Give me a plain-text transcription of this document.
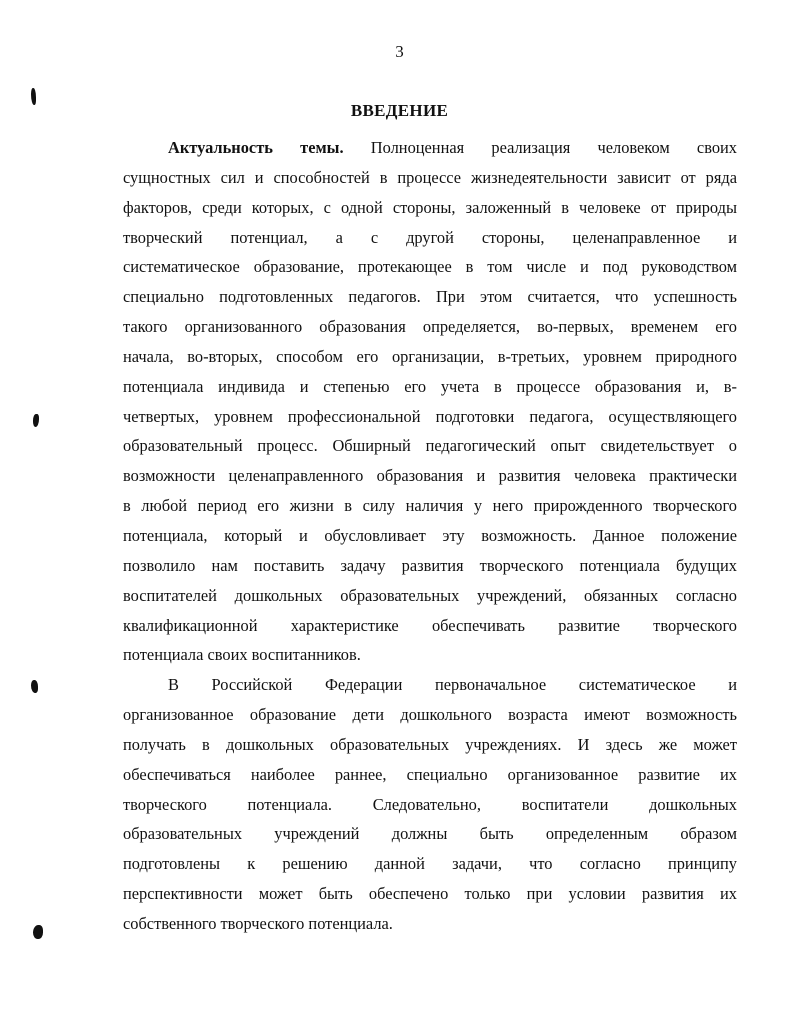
3
ВВЕДЕНИЕ
Актуальность темы. Полноценная реализация человеком своих
сущностных сил и способностей в процессе жизнедеятельности зависит от ряда
факторов, среди которых, с одной стороны, заложенный в человеке от природы
творческий потенциал, а с другой стороны, целенаправленное и
систематическое образование, протекающее в том числе и под руководством
специально подготовленных педагогов. При этом считается, что успешность
такого организованного образования определяется, во-первых, временем его
начала, во-вторых, способом его организации, в-третьих, уровнем природного
потенциала индивида и степенью его учета в процессе образования и, в-
четвертых, уровнем профессиональной подготовки педагога, осуществляющего
образовательный процесс. Обширный педагогический опыт свидетельствует о
возможности целенаправленного образования и развития человека практически
в любой период его жизни в силу наличия у него прирожденного творческого
потенциала, который и обусловливает эту возможность. Данное положение
позволило нам поставить задачу развития творческого потенциала будущих
воспитателей дошкольных образовательных учреждений, обязанных согласно
квалификационной характеристике обеспечивать развитие творческого
потенциала своих воспитанников.
В Российской Федерации первоначальное систематическое и
организованное образование дети дошкольного возраста имеют возможность
получать в дошкольных образовательных учреждениях. И здесь же может
обеспечиваться наиболее раннее, специально организованное развитие их
творческого потенциала. Следовательно, воспитатели дошкольных
образовательных учреждений должны быть определенным образом
подготовлены к решению данной задачи, что согласно принципу
перспективности может быть обеспечено только при условии развития их
собственного творческого потенциала.
